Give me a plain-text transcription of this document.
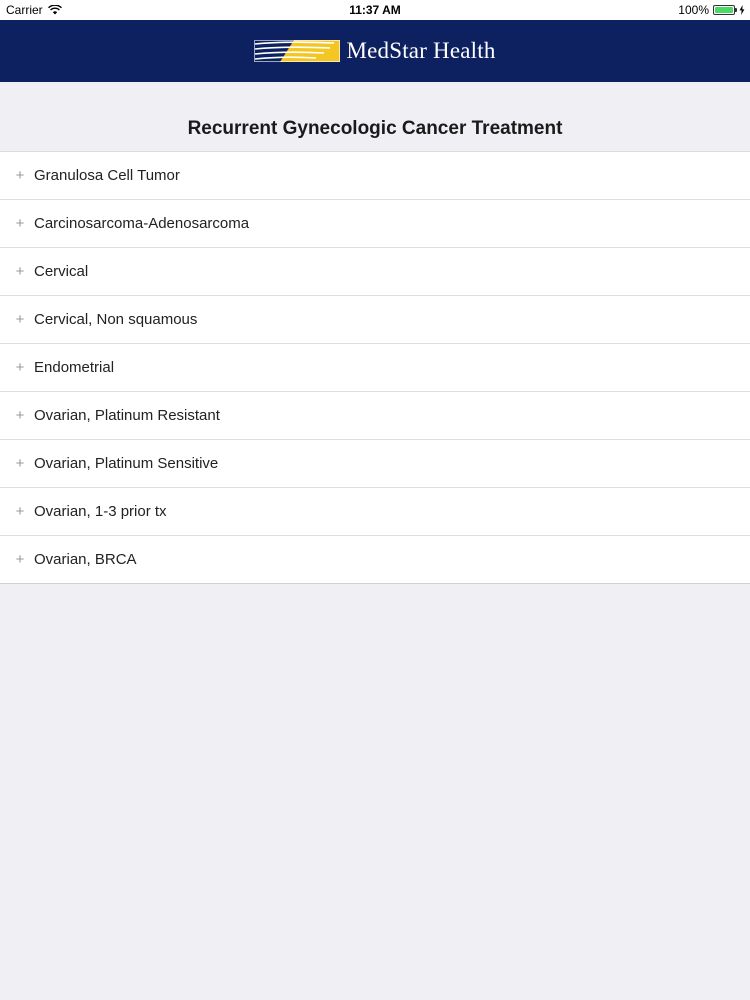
Carrier	11:37 AM	100%
MedStar Health
Recurrent Gynecologic Cancer Treatment
+ Granulosa Cell Tumor
+ Carcinosarcoma-Adenosarcoma
+ Cervical
+ Cervical, Non squamous
+ Endometrial
+ Ovarian, Platinum Resistant
+ Ovarian, Platinum Sensitive
+ Ovarian, 1-3 prior tx
+ Ovarian, BRCA
